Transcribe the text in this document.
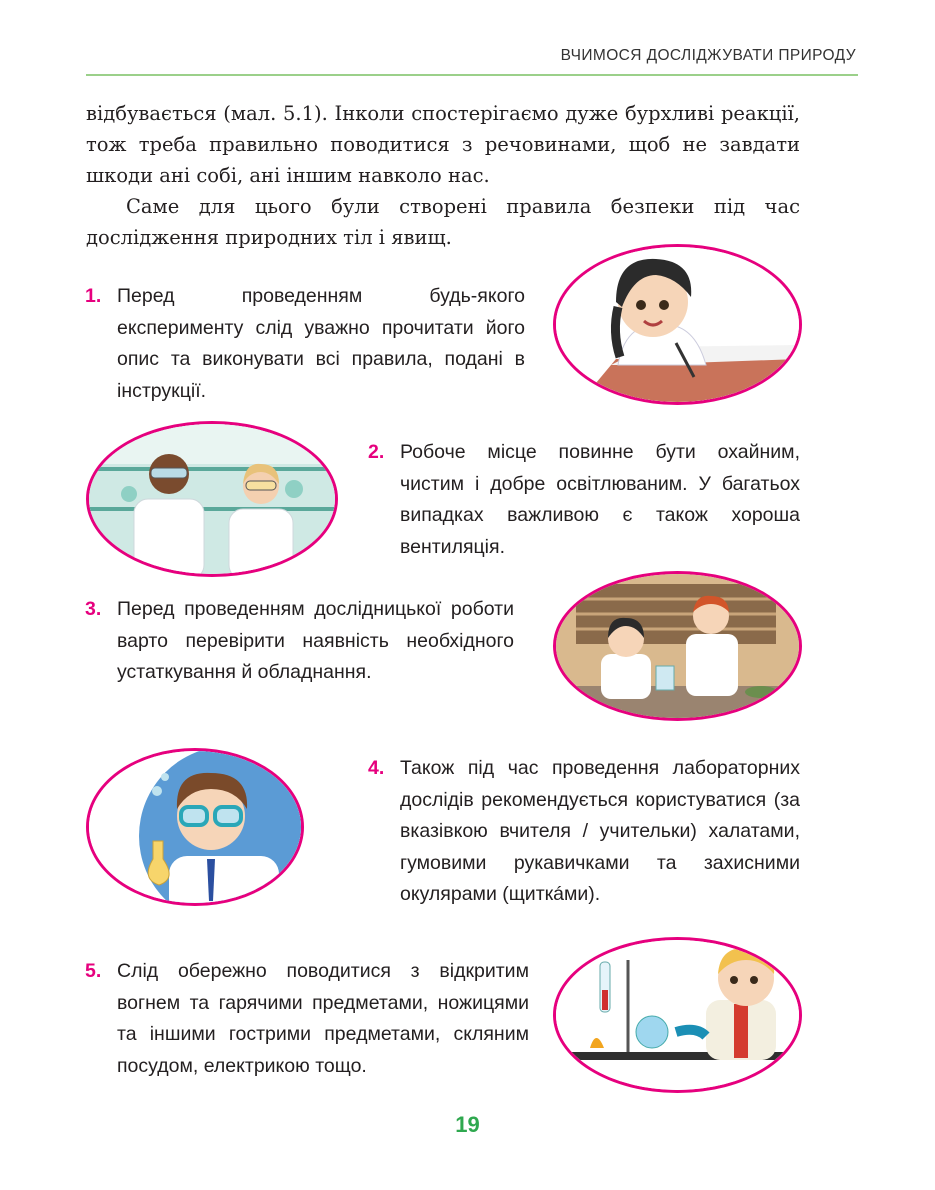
ВЧИМОСЯ ДОСЛІДЖУВАТИ ПРИРОДУ

відбувається (мал. 5.1). Інколи спостерігаємо дуже бурхливі реакції, тож треба правильно поводитися з речовинами, щоб не завдати шкоди ані собі, ані іншим навколо нас.

Саме для цього були створені правила безпеки під час дослідження природних тіл і явищ.

1. Перед проведенням будь-якого експерименту слід уважно прочитати його опис та виконувати всі правила, подані в інструкції.
2. Робоче місце повинне бути охайним, чистим і добре освітлюваним. У багатьох випадках важливою є також хороша вентиляція.
3. Перед проведенням дослідницької роботи варто перевірити наявність необхідного устаткування й обладнання.
4. Також під час проведення лабораторних дослідів рекомендується користуватися (за вказівкою вчителя / учительки) халатами, гумовими рукавичками та захисними окулярами (щиткáми).
5. Слід обережно поводитися з відкритим вогнем та гарячими предметами, ножицями та іншими гострими предметами, скляним посудом, електрикою тощо.
19
